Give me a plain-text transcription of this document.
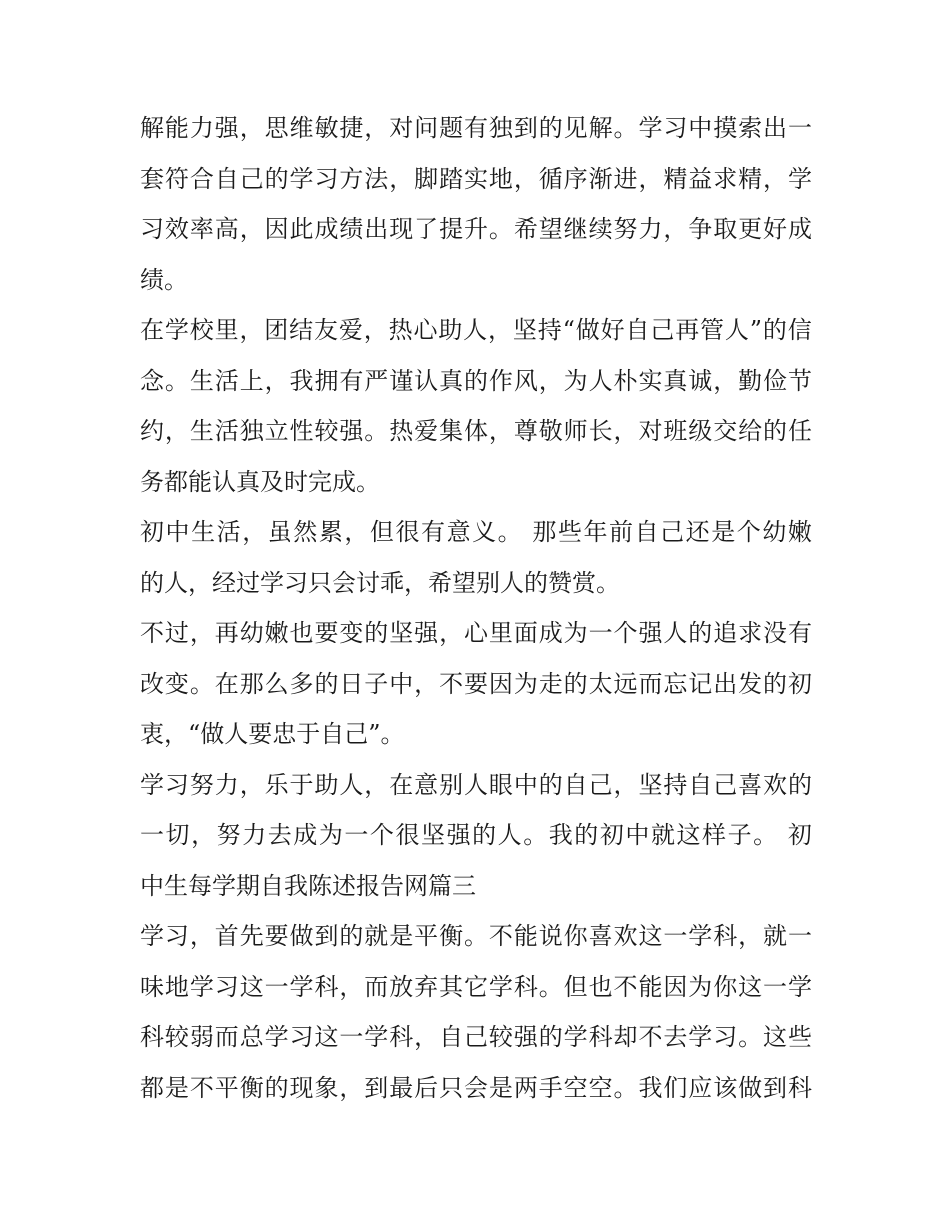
解 能 力 强 ， 思 维 敏 捷 ， 对 问 题 有 独 到 的 见 解 。 学 习 中 摸 索 出 一
套 符 合 自 己 的 学 习 方 法 ， 脚 踏 实 地 ， 循 序 渐 进 ， 精 益 求 精 ， 学
习 效 率 高 ， 因 此 成 绩 出 现 了 提 升 。 希 望 继 续 努 力 ， 争 取 更 好 成
绩。
在 学 校 里 ， 团 结 友 爱 ， 热 心 助 人 ， 坚 持 “ 做 好 自 己 再 管 人 ” 的 信
念 。 生 活 上 ， 我 拥 有 严 谨 认 真 的 作 风 ， 为 人 朴 实 真 诚 ， 勤 俭 节
约 ， 生 活 独 立 性 较 强 。 热 爱 集 体 ， 尊 敬 师 长 ， 对 班 级 交 给 的 任
务都能认真及时完成。
初 中 生 活 ， 虽 然 累 ， 但 很 有 意 义 。
那 些 年 前 自 己 还 是 个 幼 嫩
的人，经过学习只会讨乖，希望别人的赞赏。
不 过 ， 再 幼 嫩 也 要 变 的 坚 强 ， 心 里 面 成 为 一 个 强 人 的 追 求 没 有
改 变 。 在 那 么 多 的 日 子 中 ， 不 要 因 为 走 的 太 远 而 忘 记 出 发 的 初
衷，“做人要忠于自己”。
学 习 努 力 ， 乐 于 助 人 ， 在 意 别 人 眼 中 的 自 己 ， 坚 持 自 己 喜 欢 的
一 切 ， 努 力 去 成 为 一 个 很 坚 强 的 人 。 我 的 初 中 就 这 样 子 。
初
中生每学期自我陈述报告网篇三
学 习 ， 首 先 要 做 到 的 就 是 平 衡 。 不 能 说 你 喜 欢 这 一 学 科 ， 就 一
味 地 学 习 这 一 学 科 ， 而 放 弃 其 它 学 科 。 但 也 不 能 因 为 你 这 一 学
科 较 弱 而 总 学 习 这 一 学 科 ， 自 己 较 强 的 学 科 却 不 去 学 习 。 这 些
都 是 不 平 衡 的 现 象 ， 到 最 后 只 会 是 两 手 空 空 。 我 们 应 该 做 到 科
